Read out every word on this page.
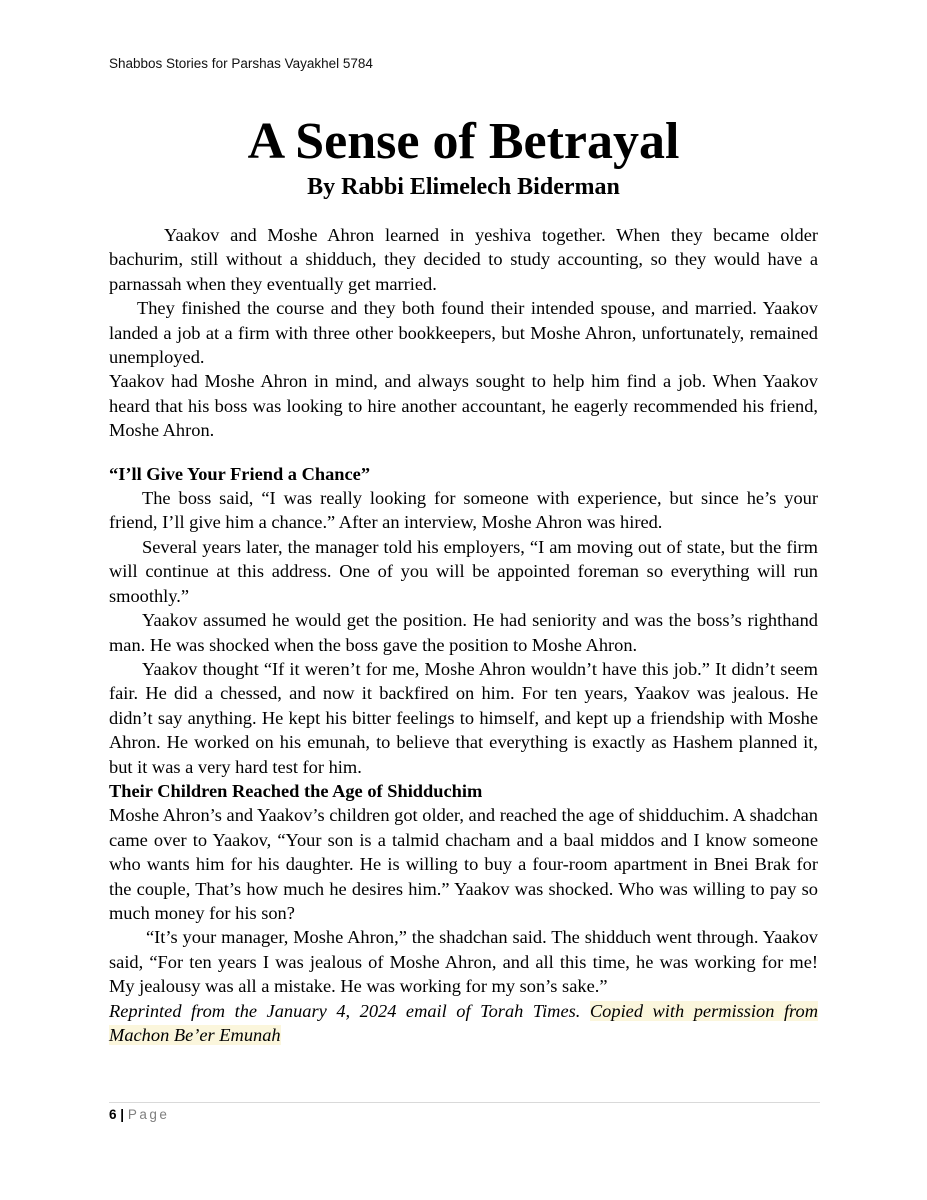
Shabbos Stories for Parshas Vayakhel 5784
A Sense of Betrayal
By Rabbi Elimelech Biderman

Yaakov and Moshe Ahron learned in yeshiva together. When they became older bachurim, still without a shidduch, they decided to study accounting, so they would have a parnassah when they eventually get married.

They finished the course and they both found their intended spouse, and married. Yaakov landed a job at a firm with three other bookkeepers, but Moshe Ahron, unfortunately, remained unemployed.

Yaakov had Moshe Ahron in mind, and always sought to help him find a job. When Yaakov heard that his boss was looking to hire another accountant, he eagerly recommended his friend, Moshe Ahron.

“I’ll Give Your Friend a Chance”

The boss said, “I was really looking for someone with experience, but since he’s your friend, I’ll give him a chance.” After an interview, Moshe Ahron was hired.

Several years later, the manager told his employers, “I am moving out of state, but the firm will continue at this address. One of you will be appointed foreman so everything will run smoothly.”

Yaakov assumed he would get the position. He had seniority and was the boss’s righthand man. He was shocked when the boss gave the position to Moshe Ahron.

Yaakov thought “If it weren’t for me, Moshe Ahron wouldn’t have this job.” It didn’t seem fair. He did a chessed, and now it backfired on him. For ten years, Yaakov was jealous. He didn’t say anything. He kept his bitter feelings to himself, and kept up a friendship with Moshe Ahron. He worked on his emunah, to believe that everything is exactly as Hashem planned it, but it was a very hard test for him.

Their Children Reached the Age of Shidduchim

Moshe Ahron’s and Yaakov’s children got older, and reached the age of shidduchim. A shadchan came over to Yaakov, “Your son is a talmid chacham and a baal middos and I know someone who wants him for his daughter. He is willing to buy a four-room apartment in Bnei Brak for the couple, That’s how much he desires him.” Yaakov was shocked. Who was willing to pay so much money for his son?

“It’s your manager, Moshe Ahron,” the shadchan said. The shidduch went through. Yaakov said, “For ten years I was jealous of Moshe Ahron, and all this time, he was working for me! My jealousy was all a mistake. He was working for my son’s sake.”

Reprinted from the January 4, 2024 email of Torah Times. Copied with permission from Machon Be’er Emunah

6 | Page
